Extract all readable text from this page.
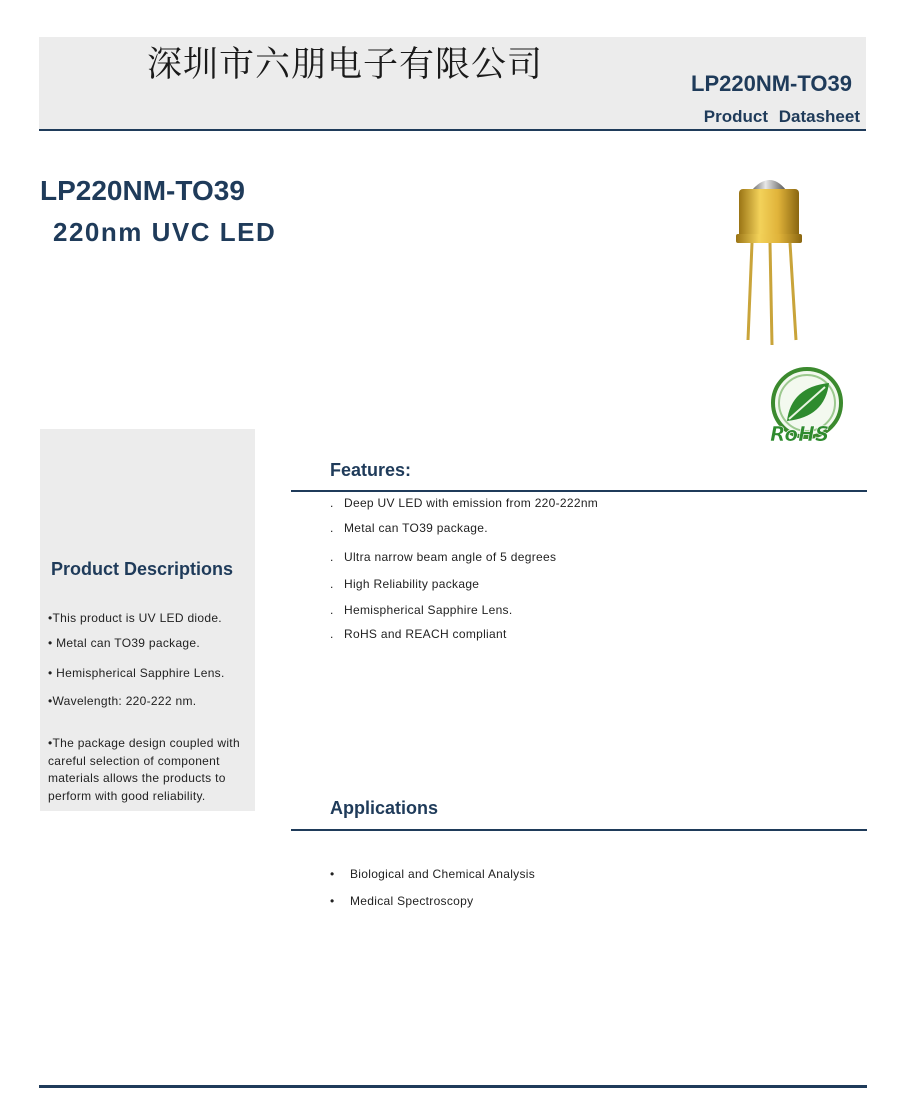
深圳市六朋电子有限公司	LP220NM-TO39
Product Datasheet
LP220NM-TO39
220nm UVC LED
RoHS
Product Descriptions
•This product is UV LED diode.
• Metal can TO39 package.
• Hemispherical Sapphire Lens.
•Wavelength: 220-222 nm.
•The package design coupled with careful selection of component materials allows the products to perform with good reliability.
Features:
. Deep UV LED with emission from 220-222nm
. Metal can TO39 package.
. Ultra narrow beam angle of 5 degrees
. High Reliability package
. Hemispherical Sapphire Lens.
. RoHS and REACH compliant
Applications
• Biological and Chemical Analysis
• Medical Spectroscopy
